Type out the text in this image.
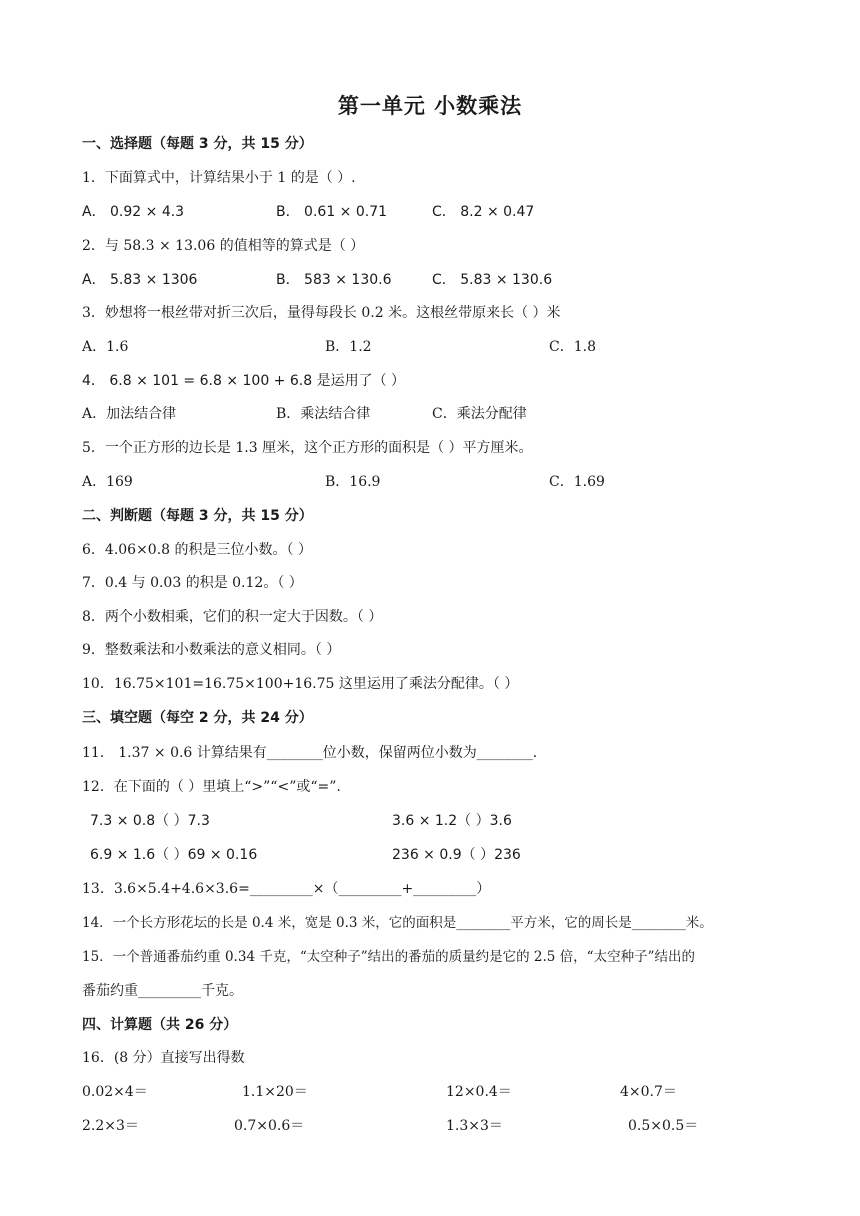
第一单元 小数乘法
一、选择题（每题 3 分，共 15 分）
1．下面算式中，计算结果小于 1 的是（ ）.
A． 0.92 × 4.3	B． 0.61 × 0.71	C． 8.2 × 0.47
2．与 58.3 × 13.06 的值相等的算式是（ ）
A． 5.83 × 1306	B． 583 × 130.6	C． 5.83 × 130.6
3．妙想将一根丝带对折三次后，量得每段长 0.2 米。这根丝带原来长（ ）米
A．1.6	B．1.2	C．1.8
4． 6.8 × 101 = 6.8 × 100 + 6.8 是运用了（ ）
A．加法结合律	B．乘法结合律	C．乘法分配律
5．一个正方形的边长是 1.3 厘米，这个正方形的面积是（ ）平方厘米。
A．169	B．16.9	C．1.69
二、判断题（每题 3 分，共 15 分）
6．4.06×0.8 的积是三位小数。（ ）
7．0.4 与 0.03 的积是 0.12。（ ）
8．两个小数相乘，它们的积一定大于因数。（ ）
9．整数乘法和小数乘法的意义相同。（ ）
10．16.75×101=16.75×100+16.75 这里运用了乘法分配律。（ ）
三、填空题（每空 2 分，共 24 分）
11． 1.37 × 0.6 计算结果有________位小数，保留两位小数为________.
12．在下面的（ ）里填上“>”“<”或“=”.
7.3 × 0.8（ ）7.3	3.6 × 1.2（ ）3.6
6.9 × 1.6（ ）69 × 0.16	236 × 0.9（ ）236
13．3.6×5.4+4.6×3.6=_________×（_________+_________）
14．一个长方形花坛的长是 0.4 米，宽是 0.3 米，它的面积是________平方米，它的周长是________米。
15．一个普通番茄约重 0.34 千克，“太空种子”结出的番茄的质量约是它的 2.5 倍，“太空种子”结出的
番茄约重_________千克。
四、计算题（共 26 分）
16．(8 分）直接写出得数
0.02×4＝	1.1×20＝	12×0.4＝	4×0.7＝
2.2×3＝	0.7×0.6＝	1.3×3＝	0.5×0.5＝
